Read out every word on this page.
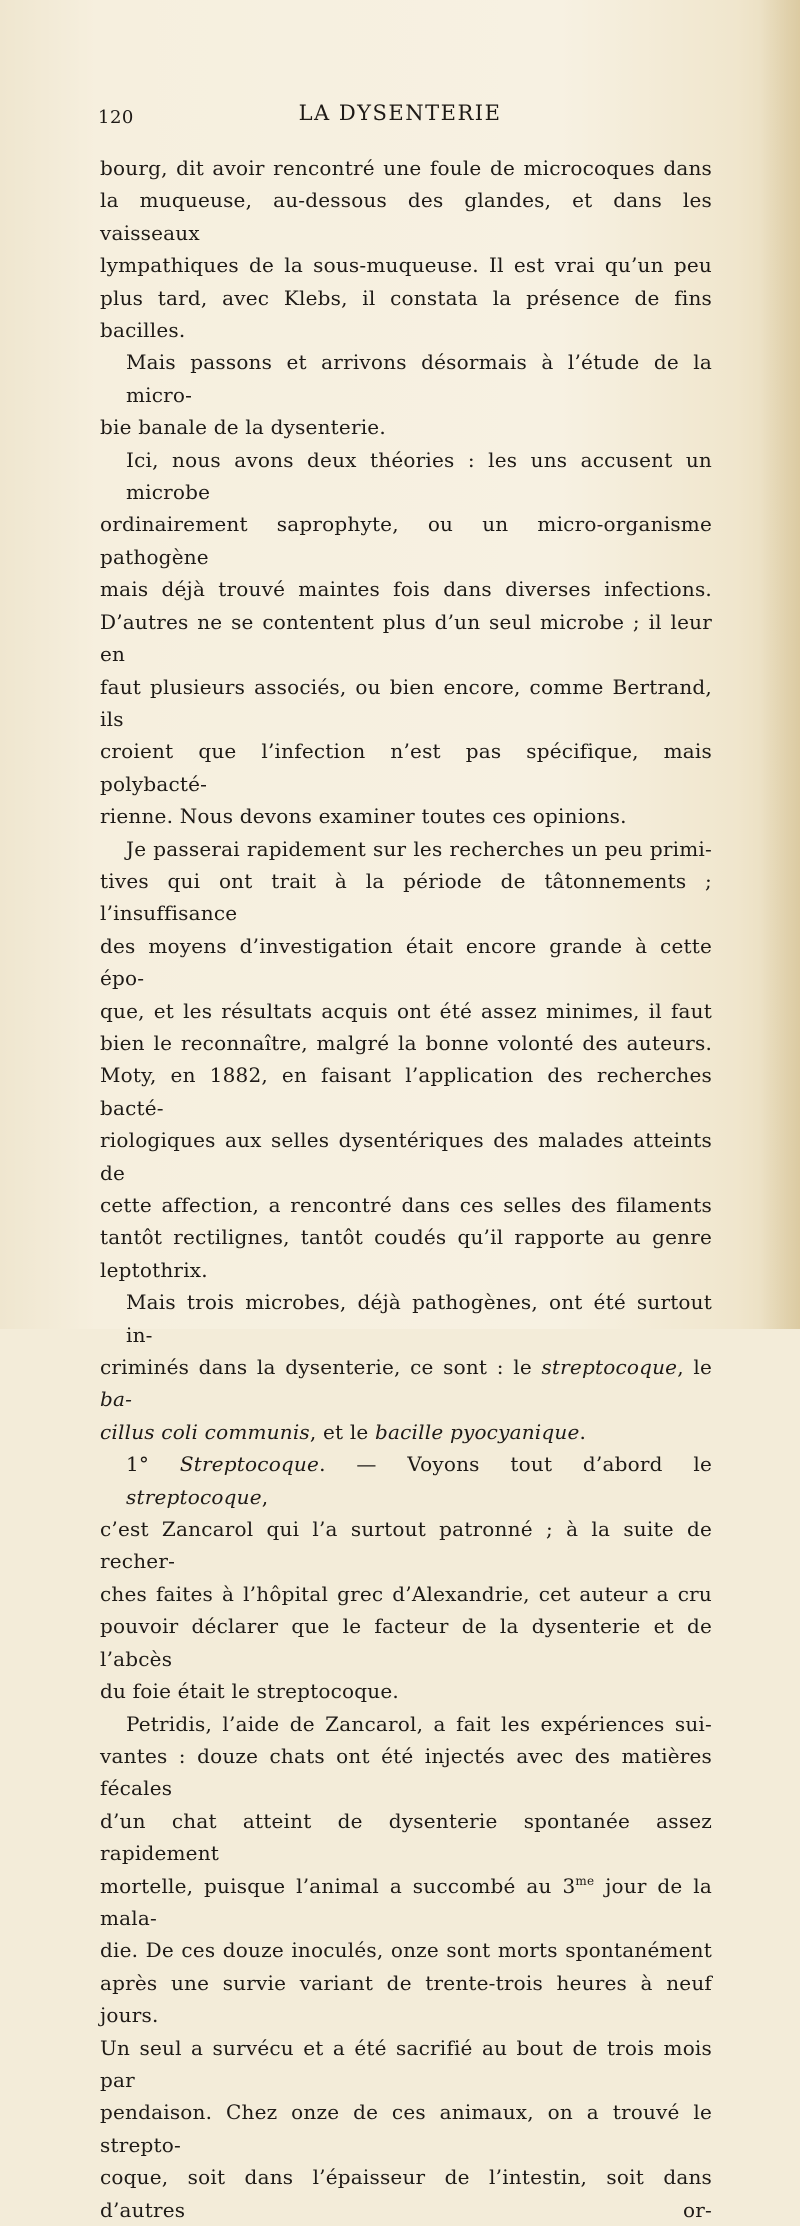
120	LA DYSENTERIE
bourg, dit avoir rencontré une foule de microcoques dans
la muqueuse, au-dessous des glandes, et dans les vaisseaux
lympathiques de la sous-muqueuse. Il est vrai qu’un peu
plus tard, avec Klebs, il constata la présence de fins bacilles.
Mais passons et arrivons désormais à l’étude de la micro-
bie banale de la dysenterie.
Ici, nous avons deux théories : les uns accusent un microbe
ordinairement saprophyte, ou un micro-organisme pathogène
mais déjà trouvé maintes fois dans diverses infections.
D’autres ne se contentent plus d’un seul microbe ; il leur en
faut plusieurs associés, ou bien encore, comme Bertrand, ils
croient que l’infection n’est pas spécifique, mais polybacté-
rienne. Nous devons examiner toutes ces opinions.
Je passerai rapidement sur les recherches un peu primi-
tives qui ont trait à la période de tâtonnements ; l’insuffisance
des moyens d’investigation était encore grande à cette épo-
que, et les résultats acquis ont été assez minimes, il faut
bien le reconnaître, malgré la bonne volonté des auteurs.
Moty, en 1882, en faisant l’application des recherches bacté-
riologiques aux selles dysentériques des malades atteints de
cette affection, a rencontré dans ces selles des filaments
tantôt rectilignes, tantôt coudés qu’il rapporte au genre
leptothrix.
Mais trois microbes, déjà pathogènes, ont été surtout in-
criminés dans la dysenterie, ce sont : le streptocoque, le ba-
cillus coli communis, et le bacille pyocyanique.
1° Streptocoque. — Voyons tout d’abord le streptocoque,
c’est Zancarol qui l’a surtout patronné ; à la suite de recher-
ches faites à l’hôpital grec d’Alexandrie, cet auteur a cru
pouvoir déclarer que le facteur de la dysenterie et de l’abcès
du foie était le streptocoque.
Petridis, l’aide de Zancarol, a fait les expériences sui-
vantes : douze chats ont été injectés avec des matières fécales
d’un chat atteint de dysenterie spontanée assez rapidement
mortelle, puisque l’animal a succombé au $3^{me}$ jour de la mala-
die. De ces douze inoculés, onze sont morts spontanément
après une survie variant de trente-trois heures à neuf jours.
Un seul a survécu et a été sacrifié au bout de trois mois par
pendaison. Chez onze de ces animaux, on a trouvé le strepto-
coque, soit dans l’épaisseur de l’intestin, soit dans d’autres or-
